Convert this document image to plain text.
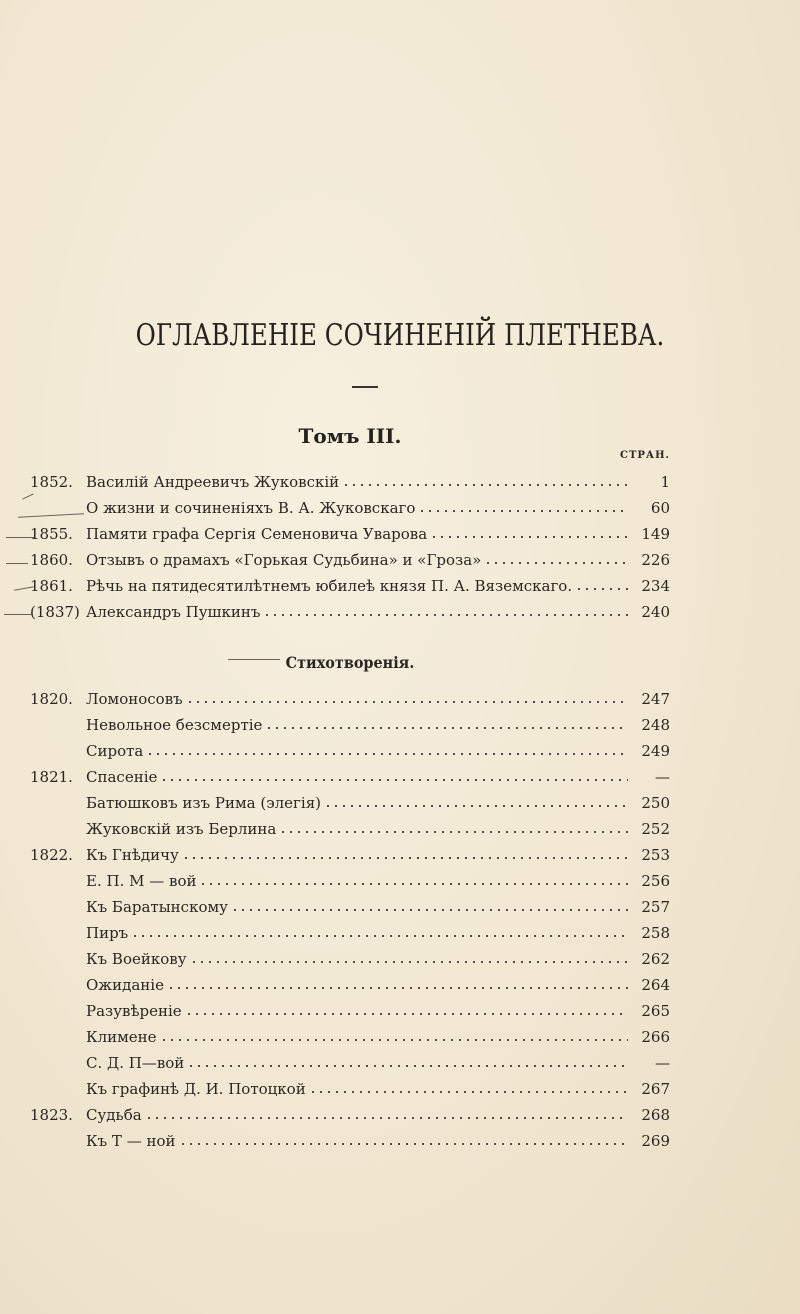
ОГЛАВЛЕНІЕ СОЧИНЕНІЙ ПЛЕТНЕВА.
Томъ III.
СТРАН.
1852. Василій Андреевичъ Жуковскій	1
О жизни и сочиненіяхъ В. А. Жуковскаго	60
1855. Памяти графа Сергія Семеновича Уварова	149
1860. Отзывъ о драмахъ «Горькая Судьбина» и «Гроза»	226
1861. Рѣчь на пятидесятилѣтнемъ юбилеѣ князя П. А. Вяземскаго.	234
(1837) Александръ Пушкинъ	240
Стихотворенія.
1820. Ломоносовъ	247
Невольное безсмертіе	248
Сирота	249
1821. Спасеніе	—
Батюшковъ изъ Рима (элегія)	250
Жуковскій изъ Берлина	252
1822. Къ Гнѣдичу	253
Е. П. М — вой	256
Къ Баратынскому	257
Пиръ	258
Къ Воейкову	262
Ожиданіе	264
Разувѣреніе	265
Климене	266
С. Д. П—вой	—
Къ графинѣ Д. И. Потоцкой	267
1823. Судьба	268
Къ Т — ной	269
